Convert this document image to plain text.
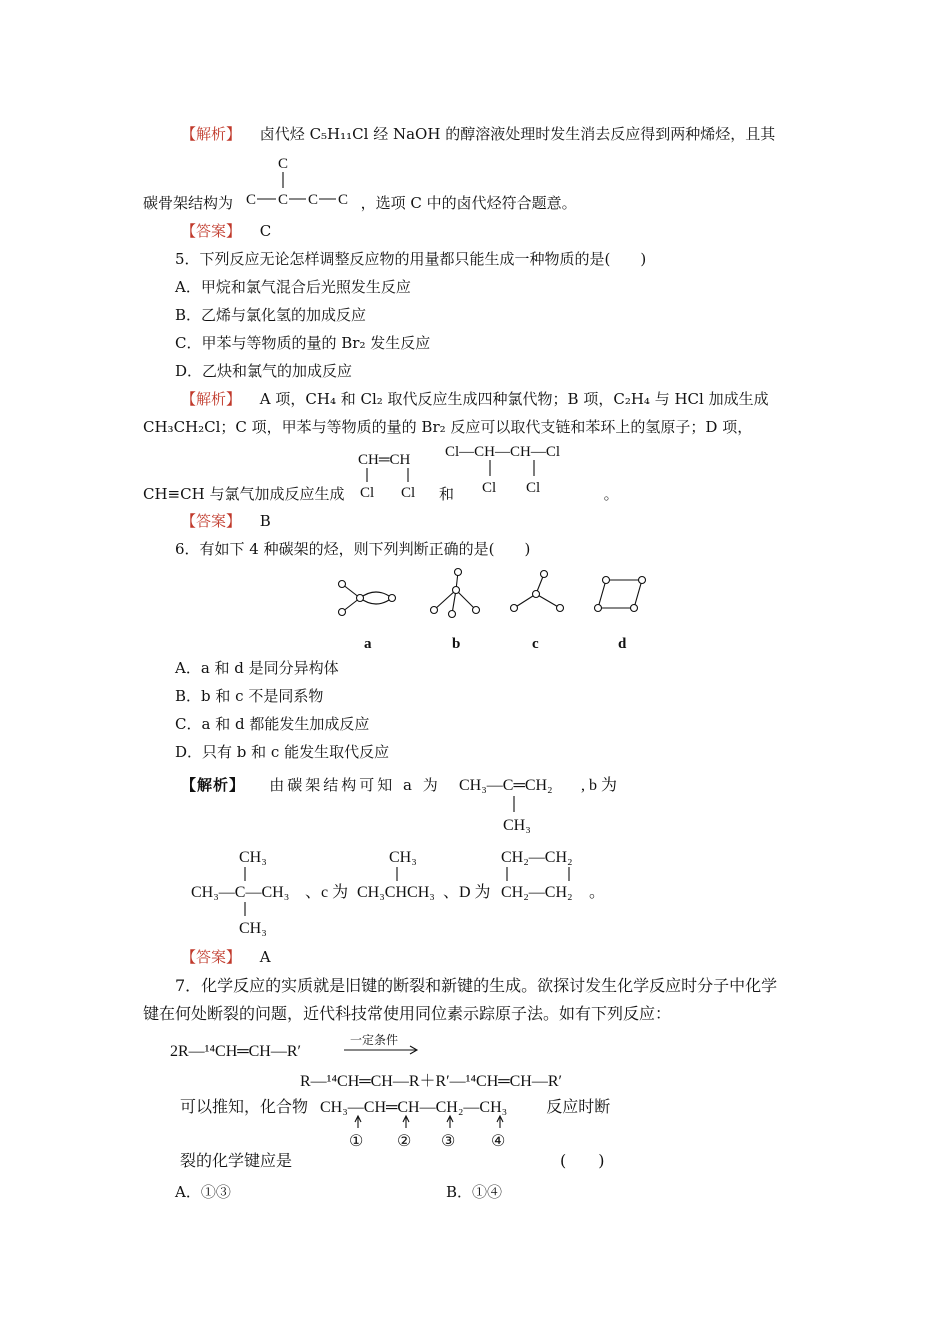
【解析】 卤代烃 C₅H₁₁Cl 经 NaOH 的醇溶液处理时发生消去反应得到两种烯烃，且其
C
C C C C
碳骨架结构为	，选项 C 中的卤代烃符合题意。
【答案】 C
5．下列反应无论怎样调整反应物的用量都只能生成一种物质的是(　　)
A．甲烷和氯气混合后光照发生反应
B．乙烯与氯化氢的加成反应
C．甲苯与等物质的量的 Br₂ 发生反应
D．乙炔和氯气的加成反应
【解析】 A 项，CH₄ 和 Cl₂ 取代反应生成四种氯代物；B 项，C₂H₄ 与 HCl 加成生成
CH₃CH₂Cl；C 项，甲苯与等物质的量的 Br₂ 反应可以取代支链和苯环上的氢原子；D 项，
CH═CH
Cl Cl
Cl—CH—CH—Cl
Cl Cl
CH≡CH 与氯气加成反应生成	和	。
【答案】 B
6．有如下 4 种碳架的烃，则下列判断正确的是(　　)
a	b	c	d
A．a 和 d 是同分异构体
B．b 和 c 不是同系物
C．a 和 d 都能发生加成反应
D．只有 b 和 c 能发生取代反应
【解析】 由碳架结构可知 a 为 CH₃—C═CH₂
CH₃
, b 为
CH₃
CH₃—C—CH₃
CH₃
、c 为
CH₃
CH₃CHCH₃ 、D 为
CH₂—CH₂
CH₂—CH₂ 。
【答案】 A
7．化学反应的实质就是旧键的断裂和新键的生成。欲探讨发生化学反应时分子中化学
键在何处断裂的问题，近代科技常使用同位素示踪原子法。如有下列反应：
2R—¹⁴CH═CH—R′
一定条件
R—¹⁴CH═CH—R＋R′—¹⁴CH═CH—R′
可以推知，化合物	反应时断
CH₃—CH═CH—CH₂—CH₃
① ② ③ ④
裂的化学键应是	(　　)
A．①③	B．①④
